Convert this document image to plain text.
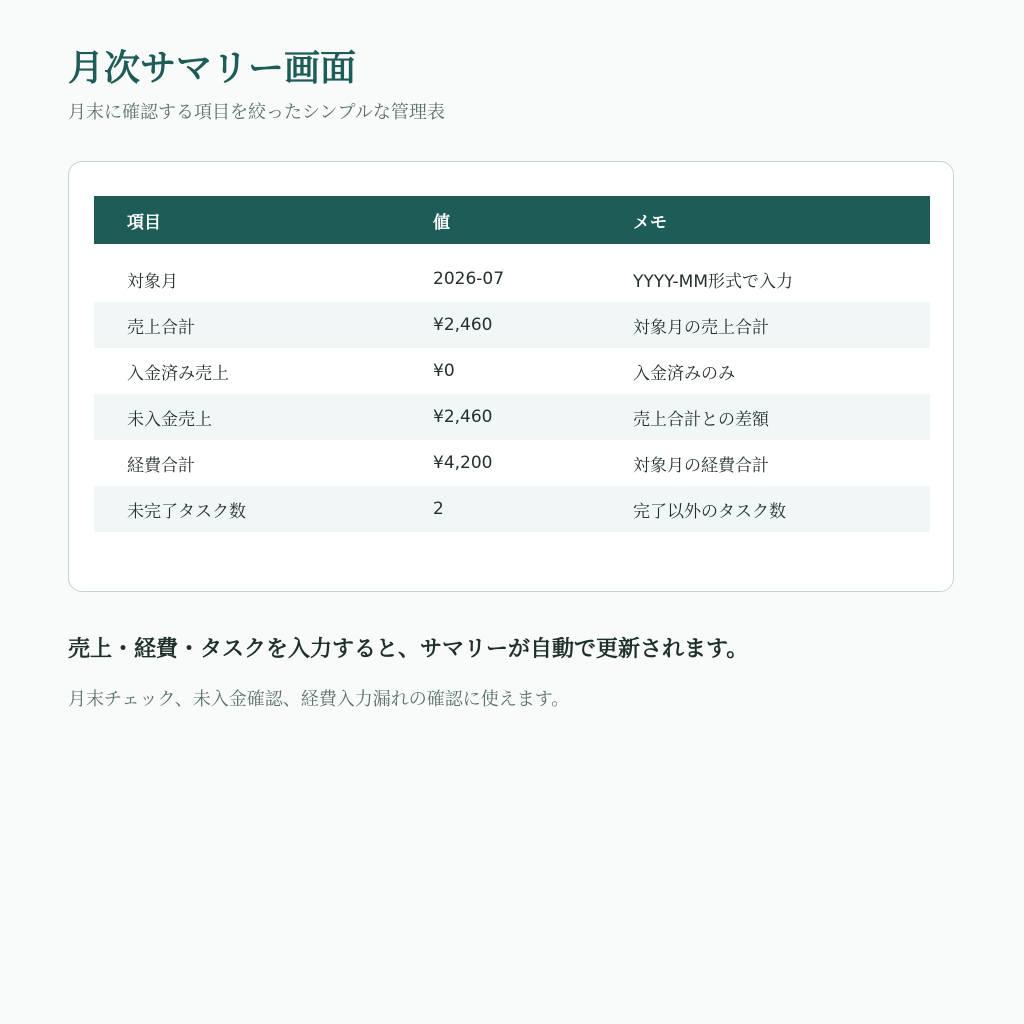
月次サマリー画面

月末に確認する項目を絞ったシンプルな管理表

項目	値	メモ

対象月	2026-07	YYYY-MM形式で入力
売上合計	¥2,460	対象月の売上合計
入金済み売上	¥0	入金済みのみ
未入金売上	¥2,460	売上合計との差額
経費合計	¥4,200	対象月の経費合計
未完了タスク数	2	完了以外のタスク数

売上・経費・タスクを入力すると、サマリーが自動で更新されます。

月末チェック、未入金確認、経費入力漏れの確認に使えます。
